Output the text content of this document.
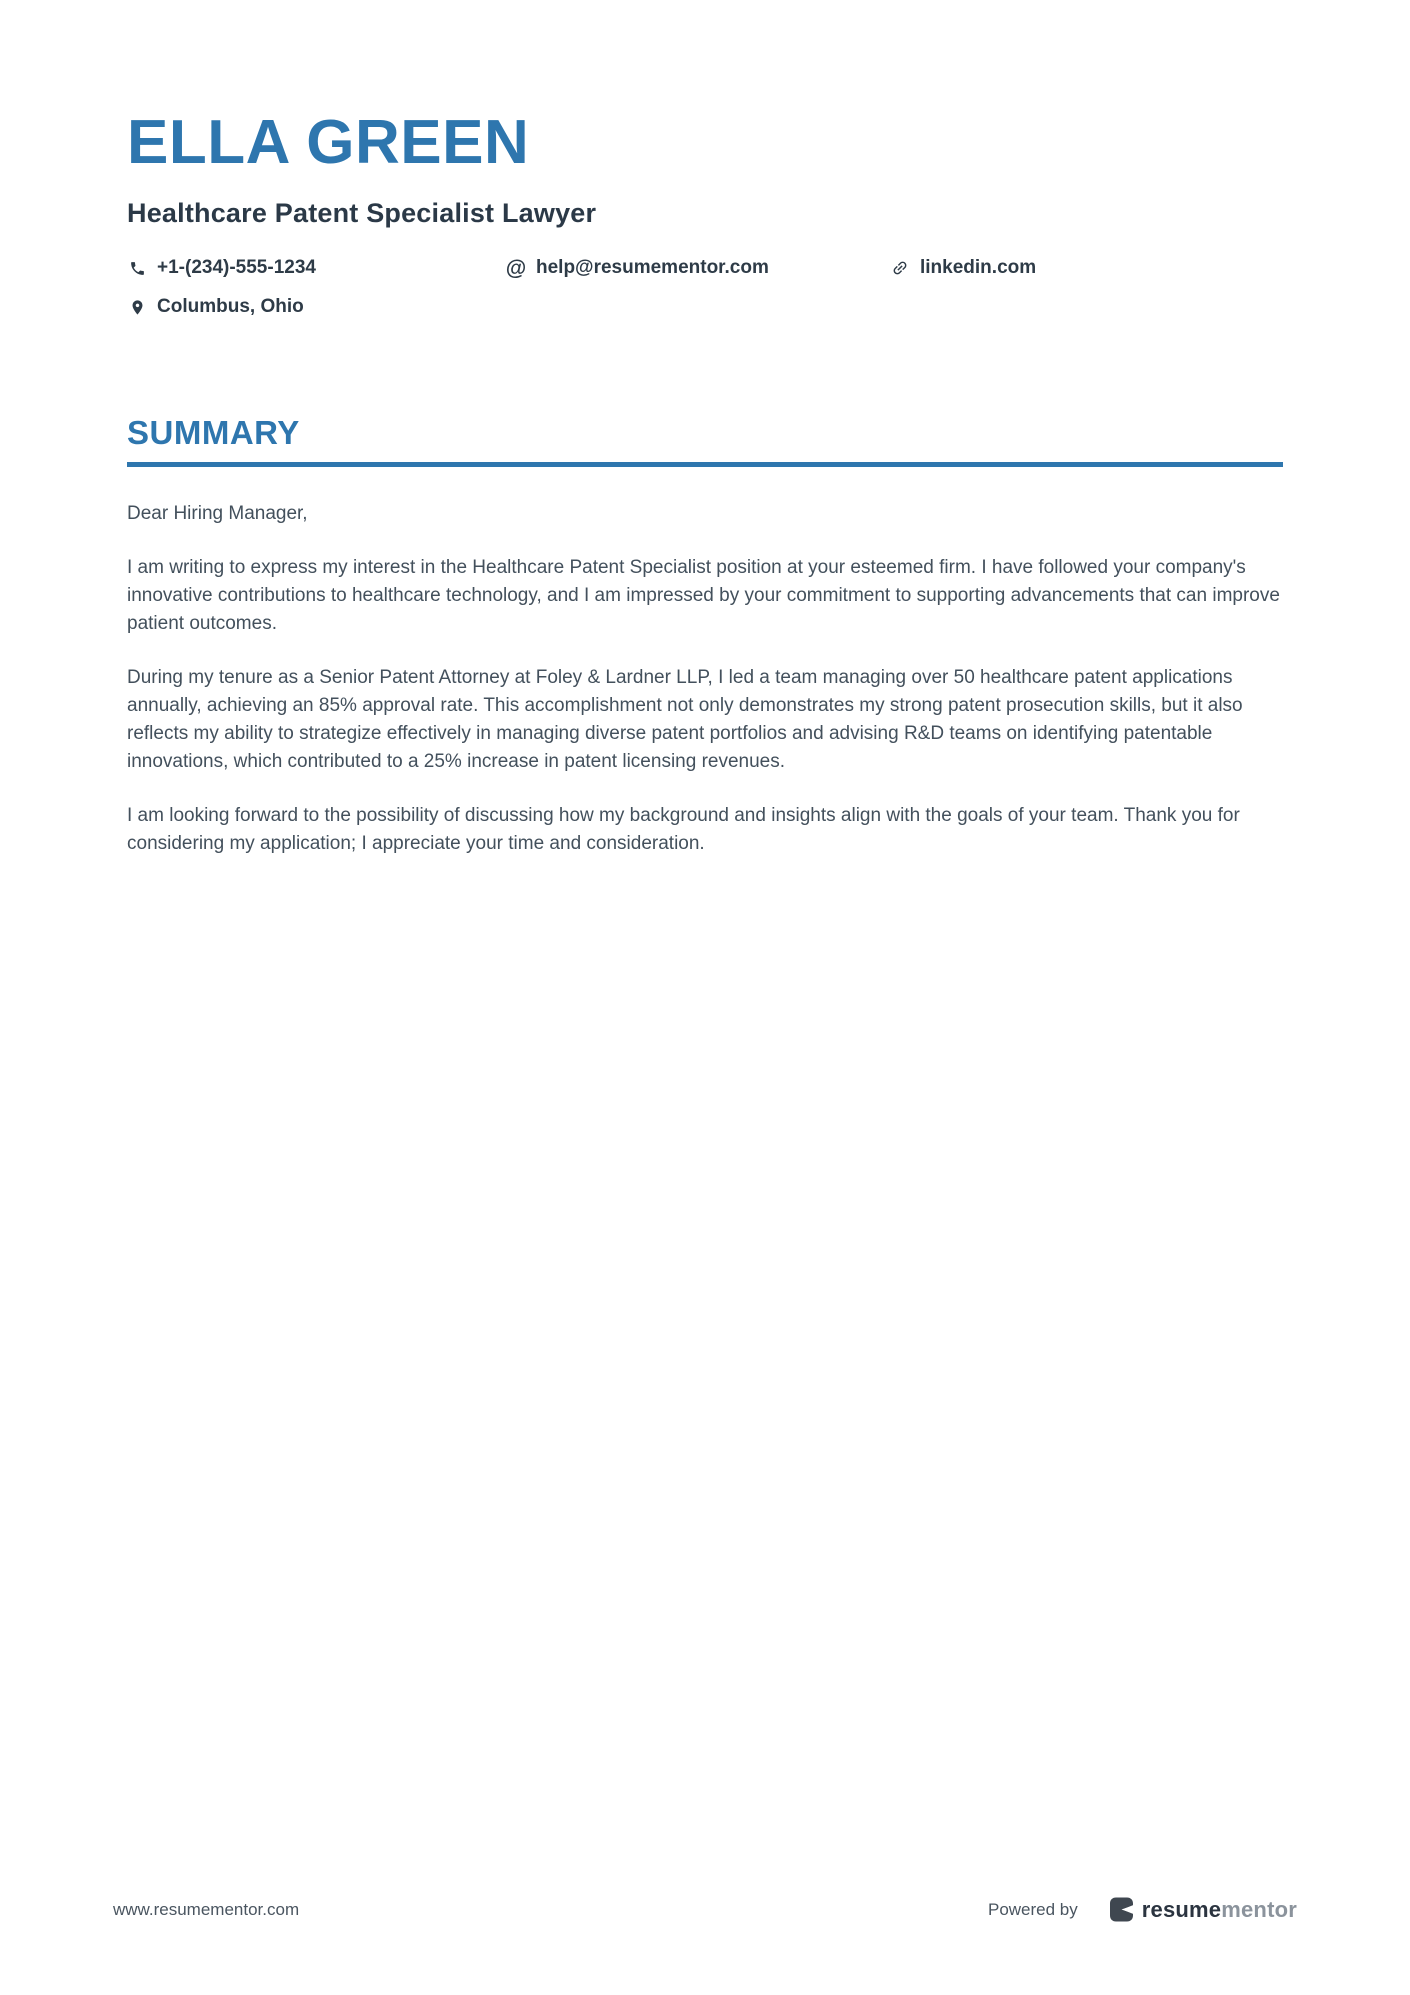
ELLA GREEN
Healthcare Patent Specialist Lawyer
+1-(234)-555-1234	@ help@resumementor.com	linkedin.com
Columbus, Ohio
SUMMARY

Dear Hiring Manager,

I am writing to express my interest in the Healthcare Patent Specialist position at your esteemed firm. I have followed your company's innovative contributions to healthcare technology, and I am impressed by your commitment to supporting advancements that can improve patient outcomes.

During my tenure as a Senior Patent Attorney at Foley & Lardner LLP, I led a team managing over 50 healthcare patent applications annually, achieving an 85% approval rate. This accomplishment not only demonstrates my strong patent prosecution skills, but it also reflects my ability to strategize effectively in managing diverse patent portfolios and advising R&D teams on identifying patentable innovations, which contributed to a 25% increase in patent licensing revenues.

I am looking forward to the possibility of discussing how my background and insights align with the goals of your team. Thank you for considering my application; I appreciate your time and consideration.

www.resumementor.com	Powered by	resumementor
